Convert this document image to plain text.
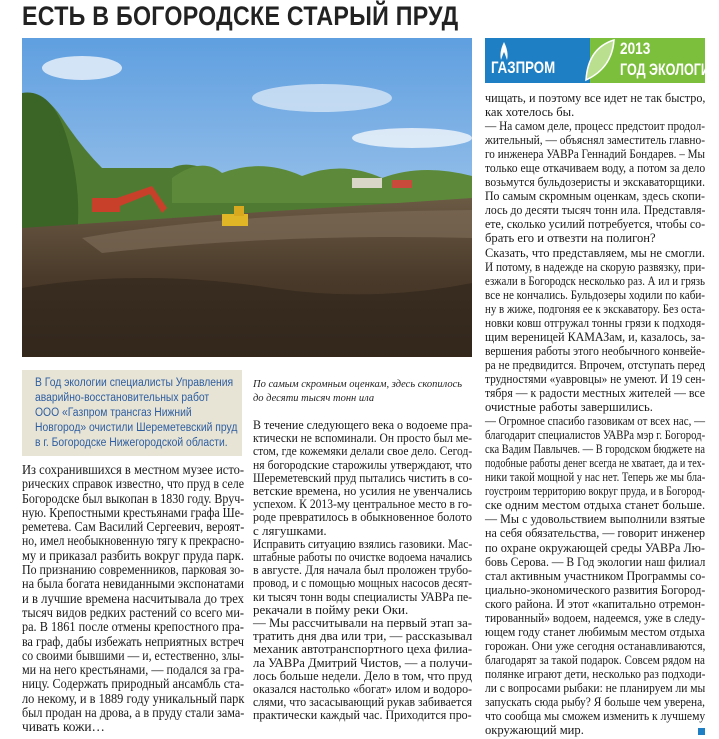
ЕСТЬ В БОГОРОДСКЕ СТАРЫЙ ПРУД
В Год экологии специалисты Управления
аварийно-восстановительных работ
ООО «Газпром трансгаз Нижний
Новгород» очистили Шереметевский пруд
в г. Богородске Нижегородской области.
По самым скромным оценкам, здесь скопилось
до десяти тысяч тонн ила
ГАЗПРОМ
2013
ГОД ЭКОЛОГИИ
Из сохранившихся в местном музее исто-
рических справок известно, что пруд в селе
Богородске был выкопан в 1830 году. Вруч-
ную. Крепостными крестьянами графа Ше-
реметева. Сам Василий Сергеевич, вероят-
но, имел необыкновенную тягу к прекрасно-
му и приказал разбить вокруг пруда парк.
По признанию современников, парковая зо-
на была богата невиданными экспонатами
и в лучшие времена насчитывала до трех
тысяч видов редких растений со всего ми-
ра. В 1861 после отмены крепостного пра-
ва граф, дабы избежать неприятных встреч
со своими бывшими — и, естественно, злы-
ми на него крестьянами, — подался за гра-
ницу. Содержать природный ансамбль ста-
ло некому, и в 1889 году уникальный парк
был продан на дрова, а в пруду стали зама-
чивать кожи…
В течение следующего века о водоеме пра-
ктически не вспоминали. Он просто был ме-
стом, где кожемяки делали свое дело. Сегод-
ня богородские старожилы утверждают, что
Шереметевский пруд пытались чистить в со-
ветские времена, но усилия не увенчались
успехом. К 2013-му центральное место в го-
роде превратилось в обыкновенное болото
с лягушками.
Исправить ситуацию взялись газовики. Мас-
штабные работы по очистке водоема начались
в августе. Для начала был проложен трубо-
провод, и с помощью мощных насосов десят-
ки тысяч тонн воды специалисты УАВРа пе-
рекачали в пойму реки Оки.
— Мы рассчитывали на первый этап за-
тратить дня два или три, — рассказывал
механик автотранспортного цеха филиа-
ла УАВРа Дмитрий Чистов, — а получи-
лось больше недели. Дело в том, что пруд
оказался настолько «богат» илом и водоро-
слями, что засасывающий рукав забивается
практически каждый час. Приходится про-
чищать, и поэтому все идет не так быстро,
как хотелось бы.
— На самом деле, процесс предстоит продол-
жительный, — объяснял заместитель главно-
го инженера УАВРа Геннадий Бондарев. – Мы
только еще откачиваем воду, а потом за дело
возьмутся бульдозеристы и экскаваторщики.
По самым скромным оценкам, здесь скопи-
лось до десяти тысяч тонн ила. Представля-
ете, сколько усилий потребуется, чтобы со-
брать его и отвезти на полигон?
Сказать, что представляем, мы не смогли.
И потому, в надежде на скорую развязку, при-
езжали в Богородск несколько раз. А ил и грязь
все не кончались. Бульдозеры ходили по каби-
ну в жиже, подгоняя ее к экскаватору. Без оста-
новки ковш отгружал тонны грязи к подходя-
щим вереницей КАМАЗам, и, казалось, за-
вершения работы этого необычного конвейе-
ра не предвидится. Впрочем, отступать перед
трудностями «уавровцы» не умеют. И 19 сен-
тября — к радости местных жителей — все
очистные работы завершились.
— Огромное спасибо газовикам от всех нас, —
благодарит специалистов УАВРа мэр г. Богород-
ска Вадим Павлычев. — В городском бюджете на
подобные работы денег всегда не хватает, да и тех-
ники такой мощной у нас нет. Теперь же мы бла-
гоустроим территорию вокруг пруда, и в Богород-
ске одним местом отдыха станет больше.
— Мы с удовольствием выполнили взятые
на себя обязательства, — говорит инженер
по охране окружающей среды УАВРа Лю-
бовь Серова. — В Год экологии наш филиал
стал активным участником Программы со-
циально-экономического развития Богород-
ского района. И этот «капитально отремон-
тированный» водоем, надеемся, уже в следу-
ющем году станет любимым местом отдыха
горожан. Они уже сегодня останавливаются,
благодарят за такой подарок. Совсем рядом на
полянке играют дети, несколько раз подходи-
ли с вопросами рыбаки: не планируем ли мы
запускать сюда рыбу? Я больше чем уверена,
что сообща мы сможем изменить к лучшему
окружающий мир.
